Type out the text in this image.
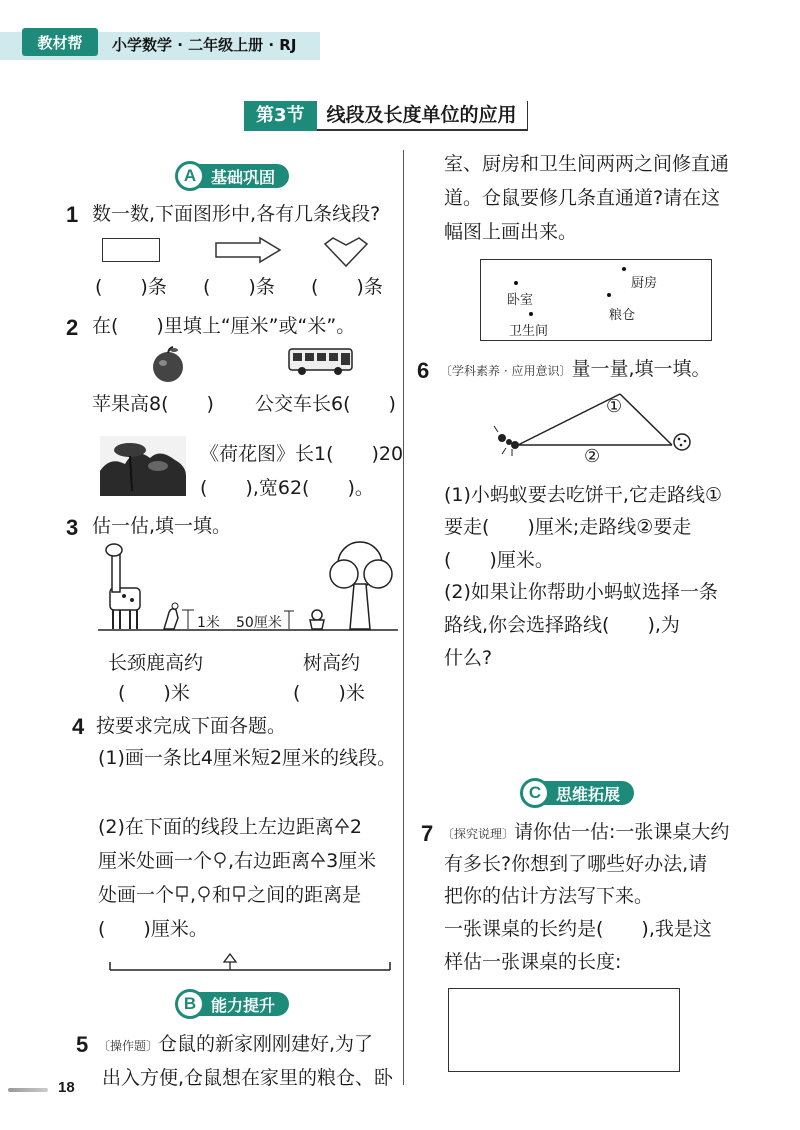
教材帮 小学数学 · 二年级上册 · RJ
第3节	线段及长度单位的应用
A 基础巩固
1 数一数,下面图形中,各有几条线段?
(　　)条 (　　)条 (　　)条
2 在(　　)里填上“厘米”或“米”。
苹果高8(　　) 公交车长6(　　)
《荷花图》长1(　　)20
(　　),宽62(　　)。
3 估一估,填一填。
1米 50厘米
长颈鹿高约
(　　)米
树高约
(　　)米
4 按要求完成下面各题。
(1)画一条比4厘米短2厘米的线段。
(2)在下面的线段上左边距离 2
厘米处画一个 ,右边距离 3厘米
处画一个 , 和 之间的距离是
(　　)厘米。
B 能力提升
5 〔操作题〕仓鼠的新家刚刚建好,为了
出入方便,仓鼠想在家里的粮仓、卧
室、厨房和卫生间两两之间修直通
道。仓鼠要修几条直通道?请在这
幅图上画出来。
卧室
厨房
粮仓
卫生间
6 〔学科素养 · 应用意识〕量一量,填一填。
①
②
(1)小蚂蚁要去吃饼干,它走路线①
要走(　　)厘米;走路线②要走
(　　)厘米。
(2)如果让你帮助小蚂蚁选择一条
路线,你会选择路线(　　),为
什么?
C 思维拓展
7 〔探究说理〕请你估一估:一张课桌大约
有多长?你想到了哪些好办法,请
把你的估计方法写下来。
一张课桌的长约是(　　),我是这
样估一张课桌的长度:
18
